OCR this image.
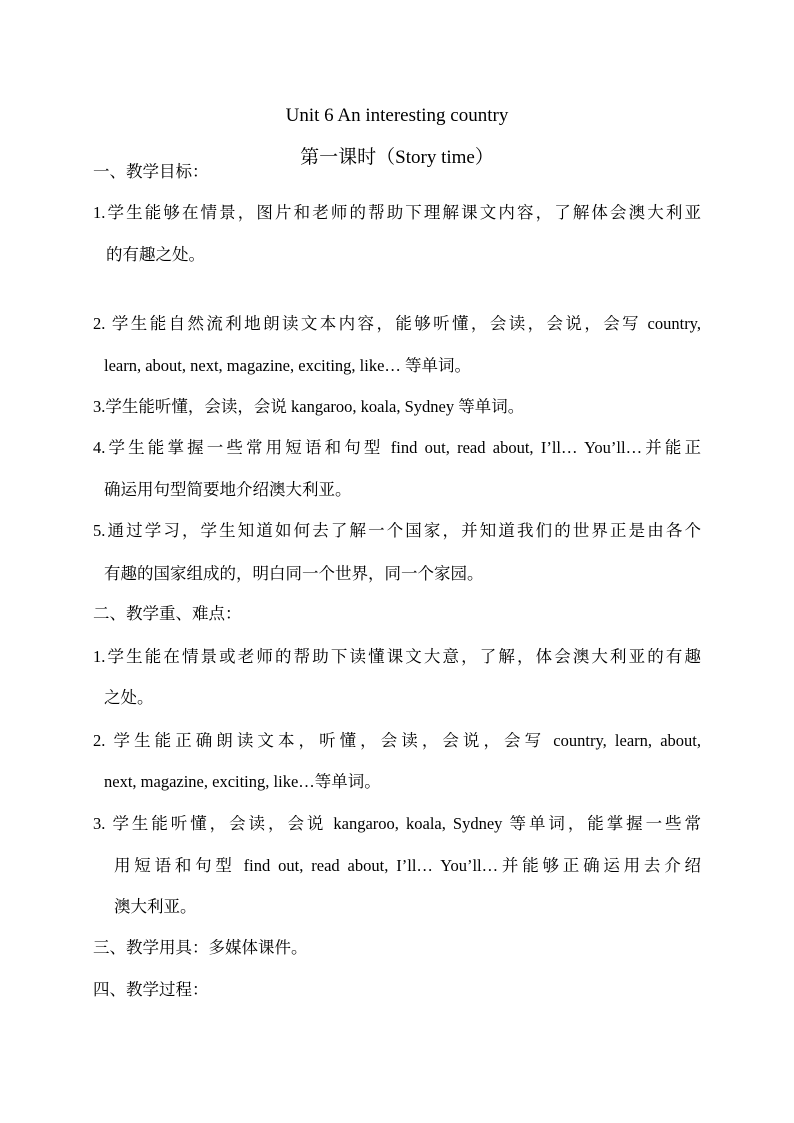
Unit 6 An interesting country
第一课时（Story time）
一、教学目标：
1.学生能够在情景，图片和老师的帮助下理解课文内容，了解体会澳大利亚
的有趣之处。
2. 学生能自然流利地朗读文本内容，能够听懂，会读，会说，会写 country,
learn, about, next, magazine, exciting, like… 等单词。
3.学生能听懂，会读，会说 kangaroo, koala, Sydney 等单词。
4.学生能掌握一些常用短语和句型 find out, read about, I’ll… You’ll…并能正
确运用句型简要地介绍澳大利亚。
5.通过学习，学生知道如何去了解一个国家，并知道我们的世界正是由各个
有趣的国家组成的，明白同一个世界，同一个家园。
二、教学重、难点：
1.学生能在情景或老师的帮助下读懂课文大意，了解，体会澳大利亚的有趣
之处。
2. 学生能正确朗读文本，听懂，会读，会说，会写 country, learn, about,
next, magazine, exciting, like…等单词。
3. 学生能听懂，会读，会说 kangaroo, koala, Sydney 等单词，能掌握一些常
用短语和句型 find out, read about, I’ll… You’ll…并能够正确运用去介绍
澳大利亚。
三、教学用具：多媒体课件。
四、教学过程：
